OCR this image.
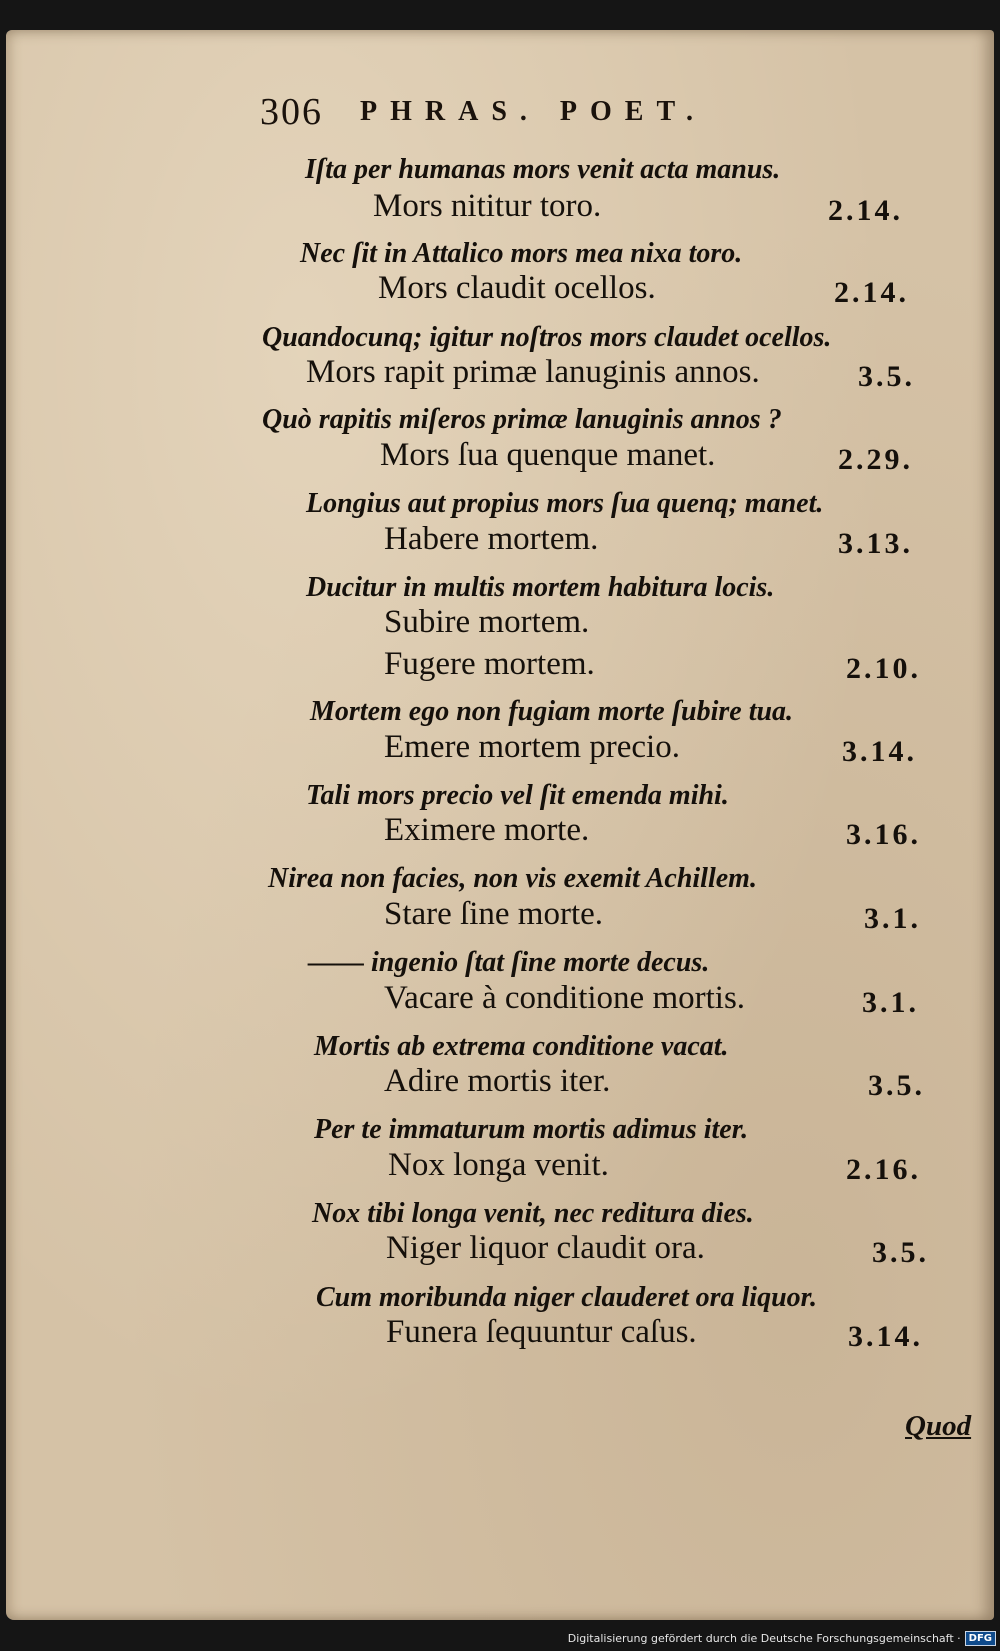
306 PHRAS. POET.
Iſta per humanas mors venit acta manus.
Mors nititur toro.	2.14.
Nec ſit in Attalico mors mea nixa toro.
Mors claudit ocellos.	2.14.
Quandocunq; igitur noſtros mors claudet ocellos.
Mors rapit primæ lanuginis annos.	3.5.
Quò rapitis miſeros primæ lanuginis annos ?
Mors ſua quenque manet.	2.29.
Longius aut propius mors ſua quenq; manet.
Habere mortem.	3.13.
Ducitur in multis mortem habitura locis.
Subire mortem.
Fugere mortem.	2.10.
Mortem ego non fugiam morte ſubire tua.
Emere mortem precio.	3.14.
Tali mors precio vel ſit emenda mihi.
Eximere morte.	3.16.
Nirea non facies, non vis exemit Achillem.
Stare ſine morte.	3.1.
—— ingenio ſtat ſine morte decus.
Vacare à conditione mortis.	3.1.
Mortis ab extrema conditione vacat.
Adire mortis iter.	3.5.
Per te immaturum mortis adimus iter.
Nox longa venit.	2.16.
Nox tibi longa venit, nec reditura dies.
Niger liquor claudit ora.	3.5.
Cum moribunda niger clauderet ora liquor.
Funera ſequuntur caſus.	3.14.
Quod
Digitalisierung gefördert durch die Deutsche Forschungsgemeinschaft · DFG
